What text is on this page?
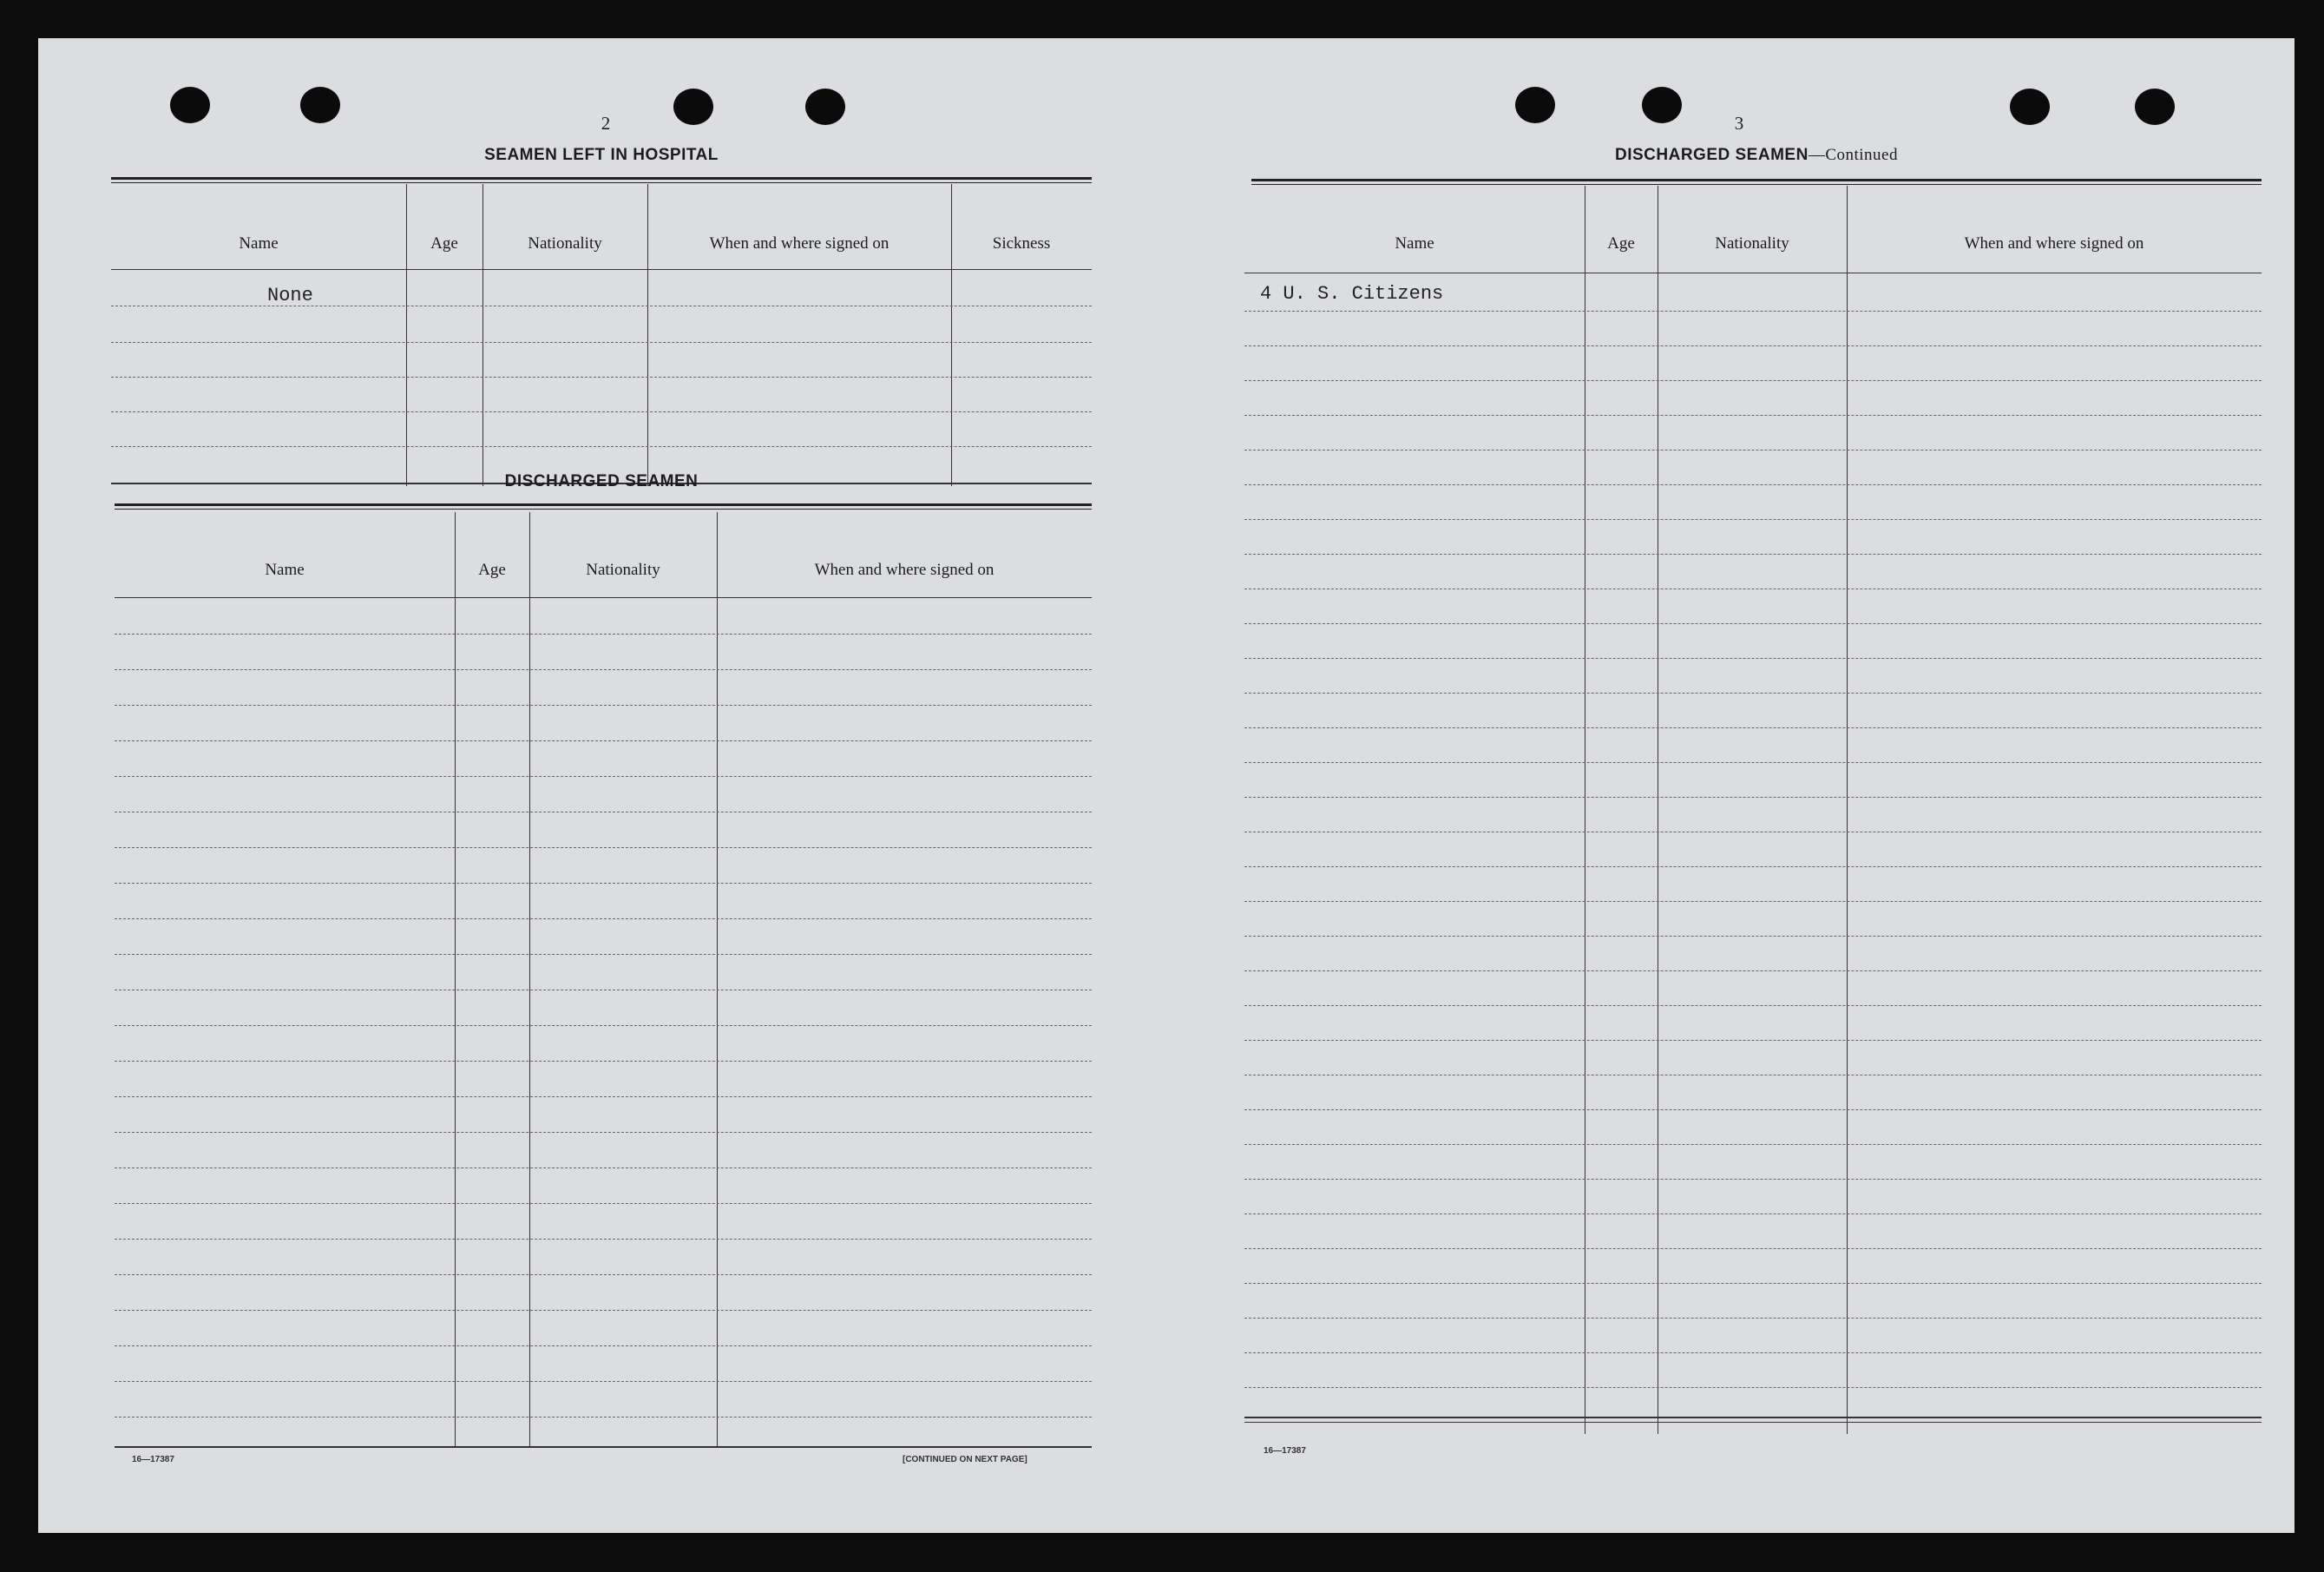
2
SEAMEN LEFT IN HOSPITAL
Name	Age	Nationality	When and where signed on	Sickness
None
DISCHARGED SEAMEN
Name	Age	Nationality	When and where signed on
16—17387	[CONTINUED ON NEXT PAGE]
3
DISCHARGED SEAMEN—Continued
Name	Age	Nationality	When and where signed on
4 U. S. Citizens
16—17387
